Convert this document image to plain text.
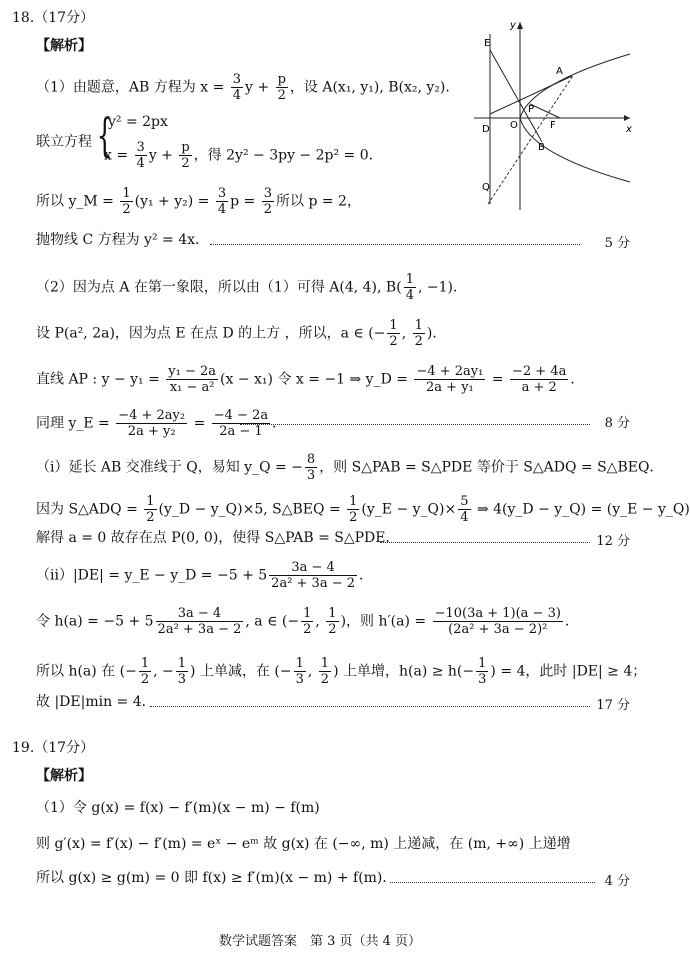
18.（17分）
【解析】	E
A
P
O	F
D
B
Q
x
y
（1）由题意，AB 方程为 $x = \frac{3}{4}$ $y + \frac{p}{2}$ ，设 A(x₁, y₁), B(x₂, y₂)．
联立方程 {
y² = 2px
$x = \frac{3}{4}$ $y + \frac{p}{2}$ ，得 2y² − 3py − 2p² = 0．
所以 y_M = $\frac{1}{2} (y_1 + y_2) = \frac{3}{4}$ $p = \frac{3}{2}$ 所以 p = 2，
抛物线 C 方程为 y² = 4x．	5 分
（2）因为点 A 在第一象限，所以由（1）可得 A(4, 4), $B( \frac{1}{4}$ , −1)．
设 P(a², 2a)，因为点 E 在点 D 的上方 ，所以，a ∈ (− $\frac{1}{2}$ , $\frac{1}{2}$ )．
直线 AP : $y - y_1 = \frac{\text{y₁ − 2a}}{\text{x₁ − a²}} (x - x_1)$ 令 x = −1 ⇒ y_D = $\frac{\text{−4 + 2ay₁}}{\text{2a + y₁}} = \frac{-2 + 4a}{a + 2}$ ．
同理 y_E = $\frac{\text{−4 + 2ay₂}}{\text{2a + y₂}} = \frac{-4 - 2a}{2a - 1}$ ．	8 分
（i）延长 AB 交准线于 Q，易知 y_Q = − $\frac{8}{3}$ ，则 S△PAB = S△PDE 等价于 S△ADQ = S△BEQ．
因为 S△ADQ = $\frac{1}{2}$ (y_D − y_Q)×5, S△BEQ = $\frac{1}{2}$ (y_E − y_Q)× $\frac{5}{4}$ ⇒ 4(y_D − y_Q) = (y_E − y_Q)
解得 a = 0 故存在点 P(0, 0)，使得 S△PAB = S△PDE．	12 分
（ii）|DE| = y_E − y_D = $-5 + 5 \frac{3a - 4}{\text{2a² + 3a − 2}}$ ．
令 $h(a) = -5 + 5 \frac{3a - 4}{\text{2a² + 3a − 2}}$ , a ∈ (− $\frac{1}{2}$ , $\frac{1}{2}$ )，则 $h'(a) = \frac{-10(3a + 1)(a - 3)}{\text{(2a² + 3a − 2)²}}$ ．
所以 h(a) 在 (− $\frac{1}{2}$ , − $\frac{1}{3}$ ) 上单减，在 (− $\frac{1}{3}$ , $\frac{1}{2}$ ) 上单增，$h(a) \ge h(- \frac{1}{3}$ ) = 4，此时 |DE| ≥ 4；
故 |DE|min = 4．	17 分
19.（17分）
【解析】
（1）令 g(x) = f(x) − f′(m)(x − m) − f(m)
则 g′(x) = f′(x) − f′(m) = eˣ − eᵐ 故 g(x) 在 (−∞, m) 上递减，在 (m, +∞) 上递增
所以 g(x) ≥ g(m) = 0 即 f(x) ≥ f′(m)(x − m) + f(m)．	4 分
数学试题答案　第 3 页（共 4 页）
